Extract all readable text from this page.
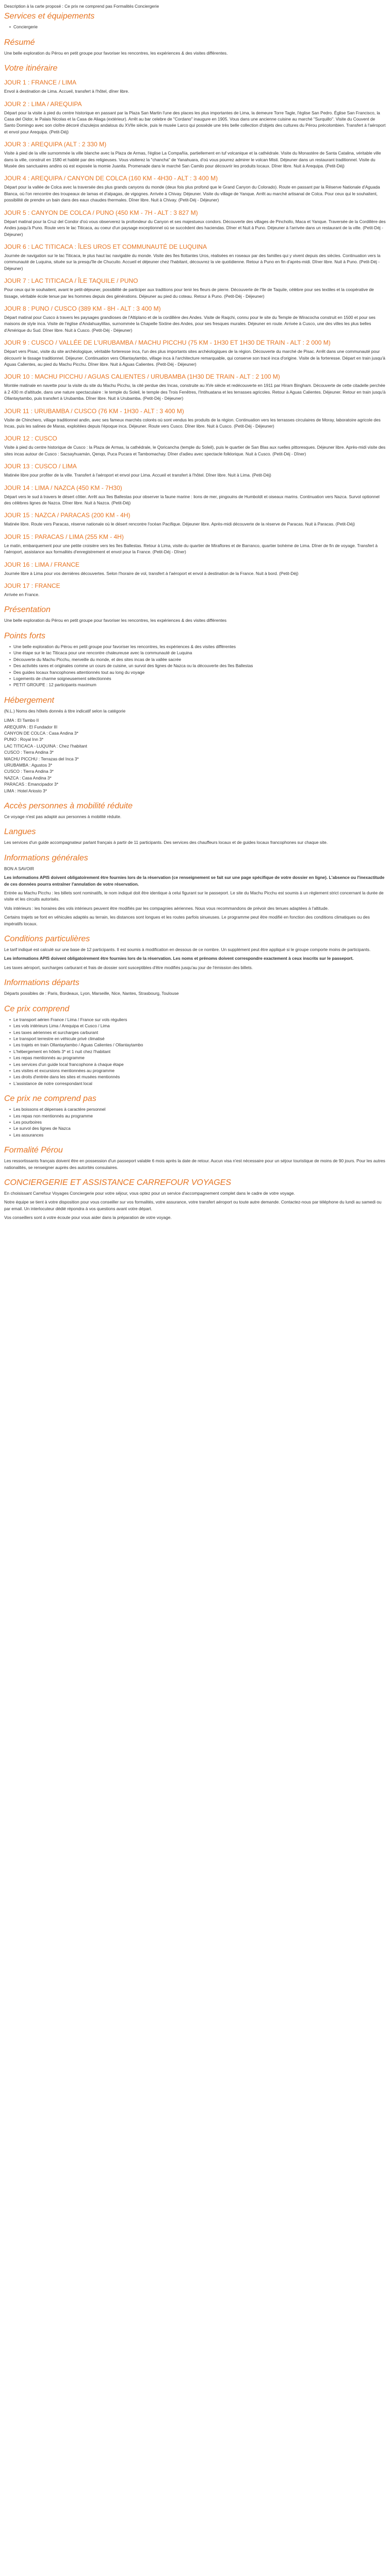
Description à la carte proposé : Ce prix ne comprend pas Formalités Conciergerie

Services et équipements
• Conciergerie
Résumé

Une belle exploration du Pérou en petit groupe pour favoriser les rencontres, les expériences & des visites différentes.

Votre itinéraire
JOUR 1 : FRANCE / LIMA

Envol à destination de Lima. Accueil, transfert à l'hôtel, dîner libre.

JOUR 2 : LIMA / AREQUIPA

Départ pour la visite à pied du centre historique en passant par la Plaza San Martin l'une des places les plus importantes de Lima, la demeure Torre Tagle, l'église San Pedro. Église San Francisco, la Casa del Oidor, le Palais Nicolas et la Casa de Aliaga (extérieur). Arrêt au bar celebre de "Cordano" inaugure en 1905. Vous dans une ancienne cuisine au marché "Surquillo". Visite du Couvent de Santo Domingo avec son cloître décoré d'azulejos andalous du XVIIe siècle, puis le musée Larco qui possède une très belle collection d'objets des cultures du Pérou précolombien. Transfert à l'aéroport et envol pour Arequipa. (Petit-Déj)

JOUR 3 : AREQUIPA (ALT : 2 330 M)

Visite à pied de la ville surnommée la ville blanche avec la Plaza de Armas, l'église La Compañía, partiellement en tuf volcanique et la cathédrale. Visite du Monastère de Santa Catalina, véritable ville dans la ville, construit en 1580 et habité par des religieuses. Vous visiterez la "chancha" de Yanahuara, d'où vous pourrez admirer le volcan Misti. Déjeuner dans un restaurant traditionnel. Visite du Musée des sanctuaires andins où est exposée la momie Juanita. Promenade dans le marché San Camilo pour découvrir les produits locaux. Dîner libre. Nuit à Arequipa. (Petit-Déj)

JOUR 4 : AREQUIPA / CANYON DE COLCA (160 KM - 4H30 - ALT : 3 400 M)

Départ pour la vallée de Colca avec la traversée des plus grands canyons du monde (deux fois plus profond que le Grand Canyon du Colorado). Route en passant par la Réserve Nationale d'Aguada Blanca, où l'on rencontre des troupeaux de lamas et d'alpagas, de vigognes. Arrivée à Chivay. Déjeuner. Visite du village de Yanque. Arrêt au marché artisanal de Colca. Pour ceux qui le souhaitent, possibilité de prendre un bain dans des eaux chaudes thermales. Dîner libre. Nuit à Chivay. (Petit-Déj - Déjeuner)

JOUR 5 : CANYON DE COLCA / PUNO (450 KM - 7H - ALT : 3 827 M)

Départ matinal pour la Cruz del Condor d'où vous observerez la profondeur du Canyon et ses majestueux condors. Découverte des villages de Pinchollo, Maca et Yanque. Traversée de la Cordillère des Andes jusqu'à Puno. Route vers le lac Titicaca, au coeur d'un paysage exceptionnel où se succèdent des haciendas. Dîner et Nuit à Puno. Déjeuner à l'arrivée dans un restaurant de la ville. (Petit-Déj - Déjeuner)

JOUR 6 : LAC TITICACA : ÎLES UROS ET COMMUNAUTÉ DE LUQUINA

Journée de navigation sur le lac Titicaca, le plus haut lac navigable du monde. Visite des îles flottantes Uros, réalisées en roseaux par des familles qui y vivent depuis des siècles. Continuation vers la communauté de Luquina, située sur la presqu'île de Chucuito. Accueil et déjeuner chez l'habitant, découvrez la vie quotidienne. Retour à Puno en fin d'après-midi. Dîner libre. Nuit à Puno. (Petit-Déj - Déjeuner)

JOUR 7 : LAC TITICACA / ÎLE TAQUILE / PUNO

Pour ceux qui le souhaitent, avant le petit-déjeuner, possibilité de participer aux traditions pour tenir les fleurs de pierre. Découverte de l'île de Taquile, célèbre pour ses textiles et la coopérative de tissage, véritable école tenue par les hommes depuis des générations. Déjeuner au pied du coteau. Retour à Puno. (Petit-Déj - Déjeuner)

JOUR 8 : PUNO / CUSCO (389 KM - 8H - ALT : 3 400 M)

Départ matinal pour Cusco à travers les paysages grandioses de l'Altiplano et de la cordillère des Andes. Visite de Raqchi, connu pour le site du Temple de Wiracocha construit en 1500 et pour ses maisons de style inca. Visite de l'église d'Andahuaylillas, surnommée la Chapelle Sixtine des Andes, pour ses fresques murales. Déjeuner en route. Arrivée à Cusco, une des villes les plus belles d'Amérique du Sud. Dîner libre. Nuit à Cusco. (Petit-Déj - Déjeuner)

JOUR 9 : CUSCO / VALLÉE DE L'URUBAMBA / MACHU PICCHU (75 KM - 1H30 ET 1H30 DE TRAIN - ALT : 2 000 M)

Départ vers Pisac, visite du site archéologique, véritable forteresse inca, l'un des plus importants sites archéologiques de la région. Découverte du marché de Pisac. Arrêt dans une communauté pour découvrir le tissage traditionnel. Déjeuner. Continuation vers Ollantaytambo, village inca à l'architecture remarquable, qui conserve son tracé inca d'origine. Visite de la forteresse. Départ en train jusqu'à Aguas Calientes, au pied du Machu Picchu. Dîner libre. Nuit à Aguas Calientes. (Petit-Déj - Déjeuner)

JOUR 10 : MACHU PICCHU / AGUAS CALIENTES / URUBAMBA (1H30 DE TRAIN - ALT : 2 100 M)

Montée matinale en navette pour la visite du site du Machu Picchu, la cité perdue des Incas, construite au XVe siècle et redécouverte en 1911 par Hiram Bingham. Découverte de cette citadelle perchée à 2 430 m d'altitude, dans une nature spectaculaire : le temple du Soleil, le temple des Trois Fenêtres, l'Intihuatana et les terrasses agricoles. Retour à Aguas Calientes. Déjeuner. Retour en train jusqu'à Ollantaytambo, puis transfert à Urubamba. Dîner libre. Nuit à Urubamba. (Petit-Déj - Déjeuner)

JOUR 11 : URUBAMBA / CUSCO (76 KM - 1H30 - ALT : 3 400 M)

Visite de Chinchero, village traditionnel andin, avec ses fameux marchés colorés où sont vendus les produits de la région. Continuation vers les terrasses circulaires de Moray, laboratoire agricole des Incas, puis les salines de Maras, exploitées depuis l'époque inca. Déjeuner. Route vers Cusco. Dîner libre. Nuit à Cusco. (Petit-Déj - Déjeuner)

JOUR 12 : CUSCO

Visite à pied du centre historique de Cusco : la Plaza de Armas, la cathédrale, le Qoricancha (temple du Soleil), puis le quartier de San Blas aux ruelles pittoresques. Déjeuner libre. Après-midi visite des sites incas autour de Cusco : Sacsayhuamán, Qenqo, Puca Pucara et Tambomachay. Dîner d'adieu avec spectacle folklorique. Nuit à Cusco. (Petit-Déj - Dîner)

JOUR 13 : CUSCO / LIMA

Matinée libre pour profiter de la ville. Transfert à l'aéroport et envol pour Lima. Accueil et transfert à l'hôtel. Dîner libre. Nuit à Lima. (Petit-Déj)

JOUR 14 : LIMA / NAZCA (450 KM - 7H30)

Départ vers le sud à travers le désert côtier. Arrêt aux îles Ballestas pour observer la faune marine : lions de mer, pingouins de Humboldt et oiseaux marins. Continuation vers Nazca. Survol optionnel des célèbres lignes de Nazca. Dîner libre. Nuit à Nazca. (Petit-Déj)

JOUR 15 : NAZCA / PARACAS (200 KM - 4H)

Matinée libre. Route vers Paracas, réserve nationale où le désert rencontre l'océan Pacifique. Déjeuner libre. Après-midi découverte de la réserve de Paracas. Nuit à Paracas. (Petit-Déj)

JOUR 15 : PARACAS / LIMA (255 KM - 4H)

Le matin, embarquement pour une petite croisière vers les îles Ballestas. Retour à Lima, visite du quartier de Miraflores et de Barranco, quartier bohème de Lima. Dîner de fin de voyage. Transfert à l'aéroport, assistance aux formalités d'enregistrement et envol pour la France. (Petit-Déj - Dîner)

JOUR 16 : LIMA / FRANCE

Journée libre à Lima pour vos dernières découvertes. Selon l'horaire de vol, transfert à l'aéroport et envol à destination de la France. Nuit à bord. (Petit-Déj)

JOUR 17 : FRANCE

Arrivée en France.

Présentation

Une belle exploration du Pérou en petit groupe pour favoriser les rencontres, les expériences & des visites différentes

Points forts
• Une belle exploration du Pérou en petit groupe pour favoriser les rencontres, les expériences & des visites différentes
• Une étape sur le lac Titicaca pour une rencontre chaleureuse avec la communauté de Luquina
• Découverte du Machu Picchu, merveille du monde, et des sites incas de la vallée sacrée
• Des activités rares et originales comme un cours de cuisine, un survol des lignes de Nazca ou la découverte des îles Ballestas
• Des guides locaux francophones attentionnés tout au long du voyage
• Logements de charme soigneusement sélectionnés
• PETIT GROUPE : 12 participants maximum
Hébergement

(N.L.) Noms des hôtels donnés à titre indicatif selon la catégorie

LIMA : El Tambo II
AREQUIPA : El Fundador III
CANYON DE COLCA : Casa Andina 3*
PUNO : Royal Inn 3*
LAC TITICACA - LUQUINA : Chez l'habitant
CUSCO : Tierra Andina 3*
MACHU PICCHU : Terrazas del Inca 3*
URUBAMBA : Agustos 3*
CUSCO : Tierra Andina 3*
NAZCA : Casa Andina 3*
PARACAS : Emancipador 3*
LIMA : Hotel Ariosto 3*
Accès personnes à mobilité réduite

Ce voyage n'est pas adapté aux personnes à mobilité réduite.

Langues

Les services d'un guide accompagnateur parlant français à partir de 11 participants. Des services des chauffeurs locaux et de guides locaux francophones sur chaque site.

Informations générales

BON A SAVOIR

Les informations APIS doivent obligatoirement être fournies lors de la réservation (ce renseignement se fait sur une page spécifique de votre dossier en ligne). L'absence ou l'inexactitude de ces données pourra entraîner l'annulation de votre réservation.

Entrée au Machu Picchu : les billets sont nominatifs, le nom indiqué doit être identique à celui figurant sur le passeport. Le site du Machu Picchu est soumis à un règlement strict concernant la durée de visite et les circuits autorisés.

Vols intérieurs : les horaires des vols intérieurs peuvent être modifiés par les compagnies aériennes. Nous vous recommandons de prévoir des tenues adaptées à l'altitude.

Certains trajets se font en véhicules adaptés au terrain, les distances sont longues et les routes parfois sinueuses. Le programme peut être modifié en fonction des conditions climatiques ou des impératifs locaux.

Conditions particulières

Le tarif indiqué est calculé sur une base de 12 participants. Il est soumis à modification en dessous de ce nombre. Un supplément peut être appliqué si le groupe comporte moins de participants.

Les informations APIS doivent obligatoirement être fournies lors de la réservation. Les noms et prénoms doivent correspondre exactement à ceux inscrits sur le passeport.

Les taxes aéroport, surcharges carburant et frais de dossier sont susceptibles d'être modifiés jusqu'au jour de l'émission des billets.

Informations départs

Départs possibles de : Paris, Bordeaux, Lyon, Marseille, Nice, Nantes, Strasbourg, Toulouse

Ce prix comprend
• Le transport aérien France / Lima / France sur vols réguliers
• Les vols intérieurs Lima / Arequipa et Cusco / Lima
• Les taxes aériennes et surcharges carburant
• Le transport terrestre en véhicule privé climatisé
• Les trajets en train Ollantaytambo / Aguas Calientes / Ollantaytambo
• L'hébergement en hôtels 3* et 1 nuit chez l'habitant
• Les repas mentionnés au programme
• Les services d'un guide local francophone à chaque étape
• Les visites et excursions mentionnées au programme
• Les droits d'entrée dans les sites et musées mentionnés
• L'assistance de notre correspondant local
Ce prix ne comprend pas
• Les boissons et dépenses à caractère personnel
• Les repas non mentionnés au programme
• Les pourboires
• Le survol des lignes de Nazca
• Les assurances
Formalité Pérou

Les ressortissants français doivent être en possession d'un passeport valable 6 mois après la date de retour. Aucun visa n'est nécessaire pour un séjour touristique de moins de 90 jours. Pour les autres nationalités, se renseigner auprès des autorités consulaires.

CONCIERGERIE ET ASSISTANCE CARREFOUR VOYAGES

En choisissant Carrefour Voyages Conciergerie pour votre séjour, vous optez pour un service d'accompagnement complet dans le cadre de votre voyage.

Notre équipe se tient à votre disposition pour vous conseiller sur vos formalités, votre assurance, votre transfert aéroport ou toute autre demande. Contactez-nous par téléphone du lundi au samedi ou par email. Un interlocuteur dédié répondra à vos questions avant votre départ.

Vos conseillers sont à votre écoute pour vous aider dans la préparation de votre voyage.
